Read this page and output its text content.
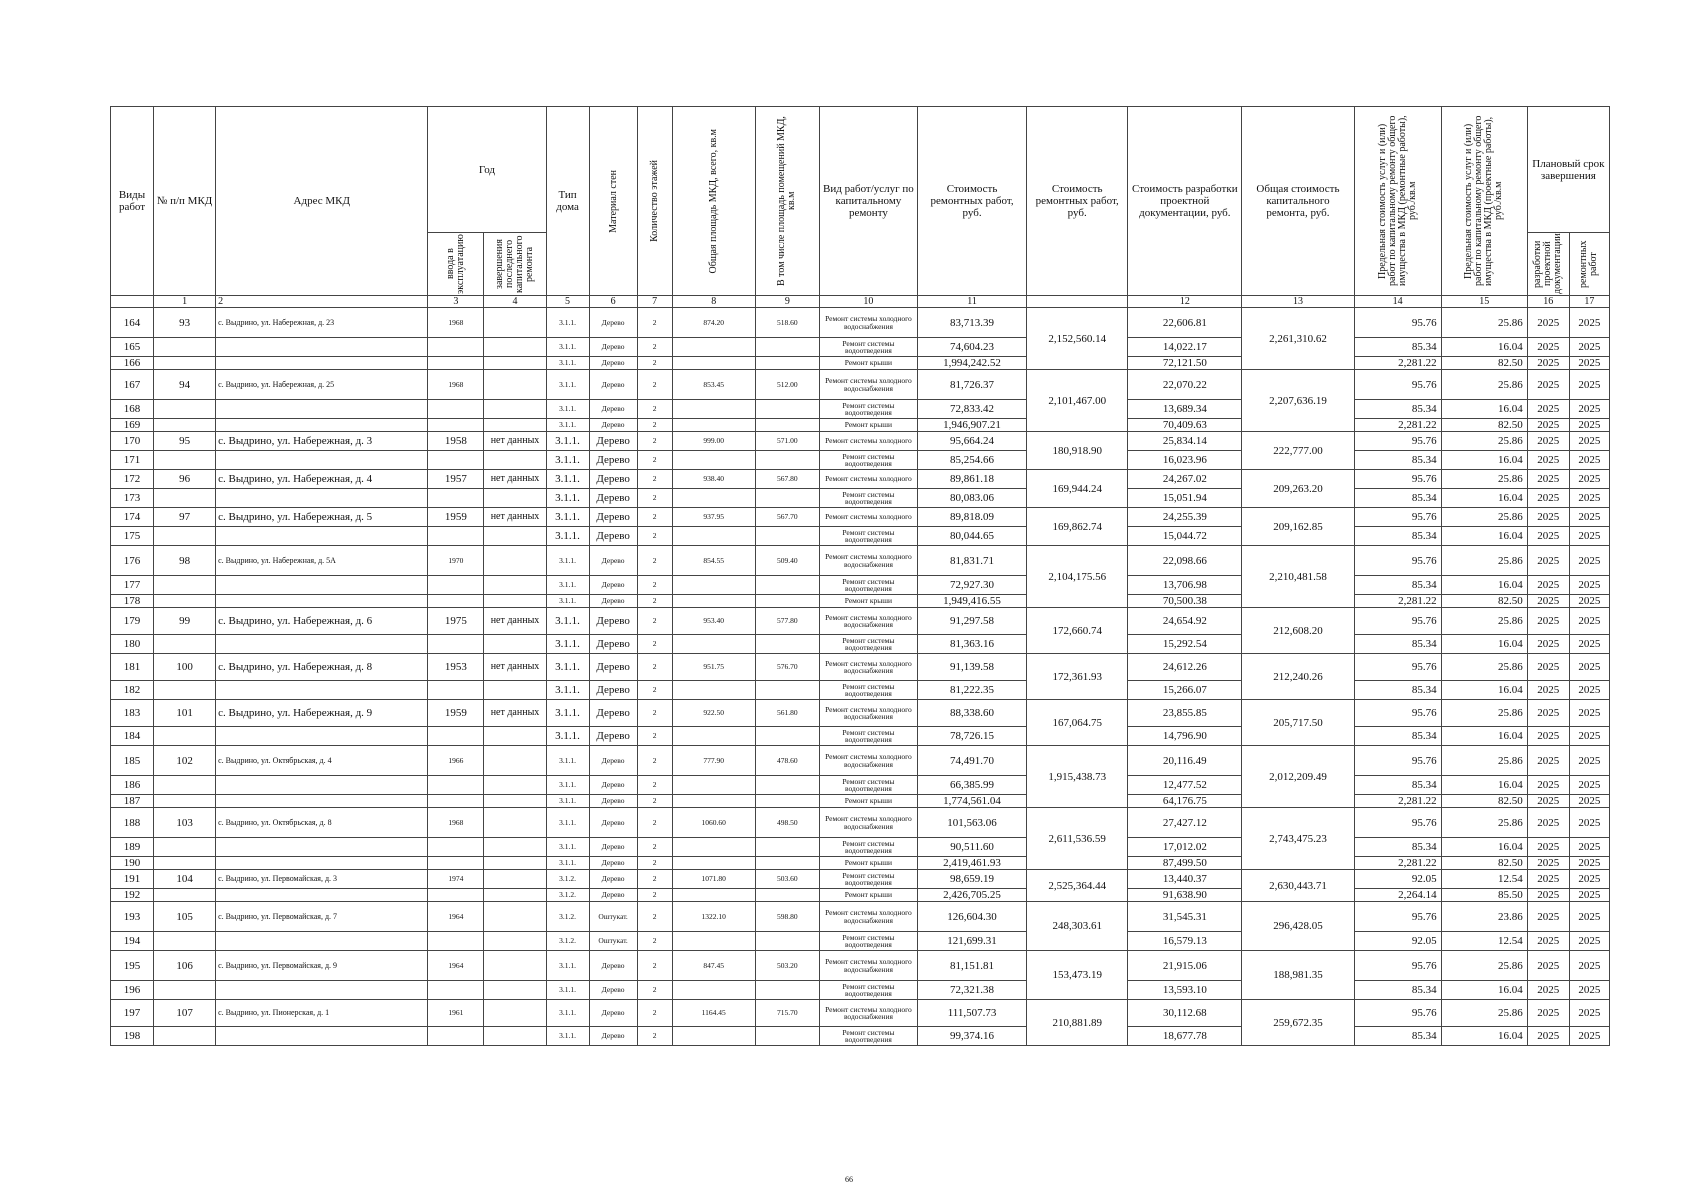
Виды работ	№ п/п МКД	Адрес МКД	Год		Тип дома	Материал стен	Количество этажей	Общая площадь МКД, всего, кв.м	В том числе площадь помещений МКД, кв.м	Вид работ/услуг по капитальному ремонту	Стоимость ремонтных работ, руб.	Стоимость ремонтных работ, руб.	Стоимость разработки проектной документации, руб.	Общая стоимость капитального ремонта, руб.	Предельная стоимость услуг и (или) работ по капитальному ремонту общего имущества в МКД (ремонтные работы), руб./кв.м	Предельная стоимость услуг и (или) работ по капитальному ремонту общего имущества в МКД (проектные работы), руб./кв.м	Плановый срок завершения	

			ввода в эксплуатацию	завершения последнего капитального ремонта													разработки проектной документации	ремонтных работ

	1	2	3	4	5	6	7	8	9	10	11		12	13	14	15	16	17
164	93	с. Выдрино, ул. Набережная, д. 23	1968		3.1.1.	Дерево	2	874.20	518.60	Ремонт системы холодного водоснабжения	83,713.39	2,152,560.14	22,606.81	2,261,310.62	95.76	25.86	2025	2025
165					3.1.1.	Дерево	2			Ремонт системы водоотведения	74,604.23		14,022.17		85.34	16.04	2025	2025
166					3.1.1.	Дерево	2			Ремонт крыши	1,994,242.52		72,121.50		2,281.22	82.50	2025	2025
167	94	с. Выдрино, ул. Набережная, д. 25	1968		3.1.1.	Дерево	2	853.45	512.00	Ремонт системы холодного водоснабжения	81,726.37	2,101,467.00	22,070.22	2,207,636.19	95.76	25.86	2025	2025
168					3.1.1.	Дерево	2			Ремонт системы водоотведения	72,833.42		13,689.34		85.34	16.04	2025	2025
169					3.1.1.	Дерево	2			Ремонт крыши	1,946,907.21		70,409.63		2,281.22	82.50	2025	2025
170	95	с. Выдрино, ул. Набережная, д. 3	1958	нет данных	3.1.1.	Дерево	2	999.00	571.00	Ремонт системы холодного	95,664.24	180,918.90	25,834.14	222,777.00	95.76	25.86	2025	2025
171					3.1.1.	Дерево	2			Ремонт системы водоотведения	85,254.66		16,023.96		85.34	16.04	2025	2025
172	96	с. Выдрино, ул. Набережная, д. 4	1957	нет данных	3.1.1.	Дерево	2	938.40	567.80	Ремонт системы холодного	89,861.18	169,944.24	24,267.02	209,263.20	95.76	25.86	2025	2025
173					3.1.1.	Дерево	2			Ремонт системы водоотведения	80,083.06		15,051.94		85.34	16.04	2025	2025
174	97	с. Выдрино, ул. Набережная, д. 5	1959	нет данных	3.1.1.	Дерево	2	937.95	567.70	Ремонт системы холодного	89,818.09	169,862.74	24,255.39	209,162.85	95.76	25.86	2025	2025
175					3.1.1.	Дерево	2			Ремонт системы водоотведения	80,044.65		15,044.72		85.34	16.04	2025	2025
176	98	с. Выдрино, ул. Набережная, д. 5А	1970		3.1.1.	Дерево	2	854.55	509.40	Ремонт системы холодного водоснабжения	81,831.71	2,104,175.56	22,098.66	2,210,481.58	95.76	25.86	2025	2025
177					3.1.1.	Дерево	2			Ремонт системы водоотведения	72,927.30		13,706.98		85.34	16.04	2025	2025
178					3.1.1.	Дерево	2			Ремонт крыши	1,949,416.55		70,500.38		2,281.22	82.50	2025	2025
179	99	с. Выдрино, ул. Набережная, д. 6	1975	нет данных	3.1.1.	Дерево	2	953.40	577.80	Ремонт системы холодного водоснабжения	91,297.58	172,660.74	24,654.92	212,608.20	95.76	25.86	2025	2025
180					3.1.1.	Дерево	2			Ремонт системы водоотведения	81,363.16		15,292.54		85.34	16.04	2025	2025
181	100	с. Выдрино, ул. Набережная, д. 8	1953	нет данных	3.1.1.	Дерево	2	951.75	576.70	Ремонт системы холодного водоснабжения	91,139.58	172,361.93	24,612.26	212,240.26	95.76	25.86	2025	2025
182					3.1.1.	Дерево	2			Ремонт системы водоотведения	81,222.35		15,266.07		85.34	16.04	2025	2025
183	101	с. Выдрино, ул. Набережная, д. 9	1959	нет данных	3.1.1.	Дерево	2	922.50	561.80	Ремонт системы холодного водоснабжения	88,338.60	167,064.75	23,855.85	205,717.50	95.76	25.86	2025	2025
184					3.1.1.	Дерево	2			Ремонт системы водоотведения	78,726.15		14,796.90		85.34	16.04	2025	2025
185	102	с. Выдрино, ул. Октябрьская, д. 4	1966		3.1.1.	Дерево	2	777.90	478.60	Ремонт системы холодного водоснабжения	74,491.70	1,915,438.73	20,116.49	2,012,209.49	95.76	25.86	2025	2025
186					3.1.1.	Дерево	2			Ремонт системы водоотведения	66,385.99		12,477.52		85.34	16.04	2025	2025
187					3.1.1.	Дерево	2			Ремонт крыши	1,774,561.04		64,176.75		2,281.22	82.50	2025	2025
188	103	с. Выдрино, ул. Октябрьская, д. 8	1968		3.1.1.	Дерево	2	1060.60	498.50	Ремонт системы холодного водоснабжения	101,563.06	2,611,536.59	27,427.12	2,743,475.23	95.76	25.86	2025	2025
189					3.1.1.	Дерево	2			Ремонт системы водоотведения	90,511.60		17,012.02		85.34	16.04	2025	2025
190					3.1.1.	Дерево	2			Ремонт крыши	2,419,461.93		87,499.50		2,281.22	82.50	2025	2025
191	104	с. Выдрино, ул. Первомайская, д. 3	1974		3.1.2.	Дерево	2	1071.80	503.60	Ремонт системы водоотведения	98,659.19	2,525,364.44	13,440.37	2,630,443.71	92.05	12.54	2025	2025
192					3.1.2.	Дерево	2			Ремонт крыши	2,426,705.25		91,638.90		2,264.14	85.50	2025	2025
193	105	с. Выдрино, ул. Первомайская, д. 7	1964		3.1.2.	Оштукат.	2	1322.10	598.80	Ремонт системы холодного водоснабжения	126,604.30	248,303.61	31,545.31	296,428.05	95.76	23.86	2025	2025
194					3.1.2.	Оштукат.	2			Ремонт системы водоотведения	121,699.31		16,579.13		92.05	12.54	2025	2025
195	106	с. Выдрино, ул. Первомайская, д. 9	1964		3.1.1.	Дерево	2	847.45	503.20	Ремонт системы холодного водоснабжения	81,151.81	153,473.19	21,915.06	188,981.35	95.76	25.86	2025	2025
196					3.1.1.	Дерево	2			Ремонт системы водоотведения	72,321.38		13,593.10		85.34	16.04	2025	2025
197	107	с. Выдрино, ул. Пионерская, д. 1	1961		3.1.1.	Дерево	2	1164.45	715.70	Ремонт системы холодного водоснабжения	111,507.73	210,881.89	30,112.68	259,672.35	95.76	25.86	2025	2025
198					3.1.1.	Дерево	2			Ремонт системы водоотведения	99,374.16		18,677.78		85.34	16.04	2025	2025
66
